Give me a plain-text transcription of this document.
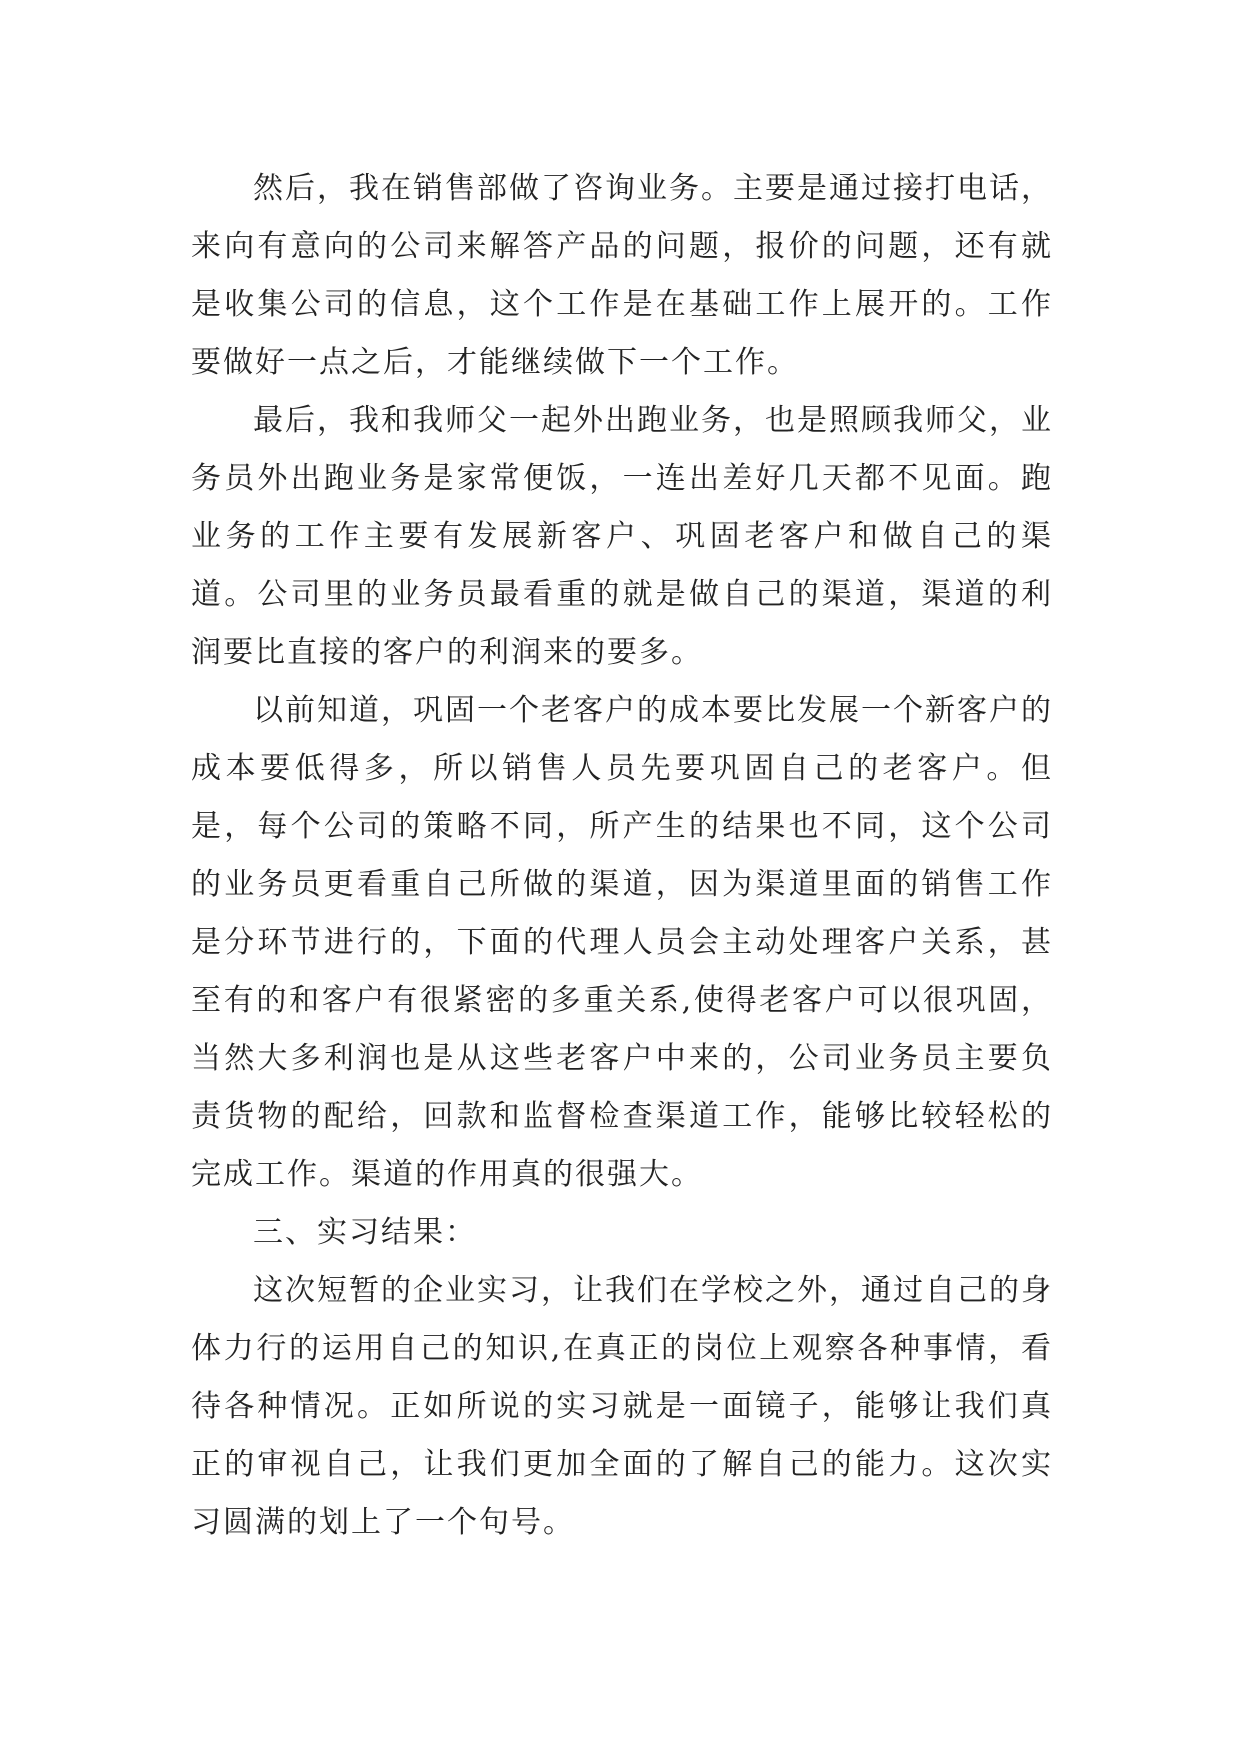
然后，我在销售部做了咨询业务。主要是通过接打电话，来向有意向的公司来解答产品的问题，报价的问题，还有就是收集公司的信息，这个工作是在基础工作上展开的。工作要做好一点之后，才能继续做下一个工作。

最后，我和我师父一起外出跑业务，也是照顾我师父，业务员外出跑业务是家常便饭，一连出差好几天都不见面。跑业务的工作主要有发展新客户、巩固老客户和做自己的渠道。公司里的业务员最看重的就是做自己的渠道，渠道的利润要比直接的客户的利润来的要多。

以前知道，巩固一个老客户的成本要比发展一个新客户的成本要低得多，所以销售人员先要巩固自己的老客户。但是，每个公司的策略不同，所产生的结果也不同，这个公司的业务员更看重自己所做的渠道，因为渠道里面的销售工作是分环节进行的，下面的代理人员会主动处理客户关系，甚至有的和客户有很紧密的多重关系,使得老客户可以很巩固，当然大多利润也是从这些老客户中来的，公司业务员主要负责货物的配给，回款和监督检查渠道工作，能够比较轻松的完成工作。渠道的作用真的很强大。

三、实习结果：

这次短暂的企业实习，让我们在学校之外，通过自己的身体力行的运用自己的知识,在真正的岗位上观察各种事情，看待各种情况。正如所说的实习就是一面镜子，能够让我们真正的审视自己，让我们更加全面的了解自己的能力。这次实习圆满的划上了一个句号。
